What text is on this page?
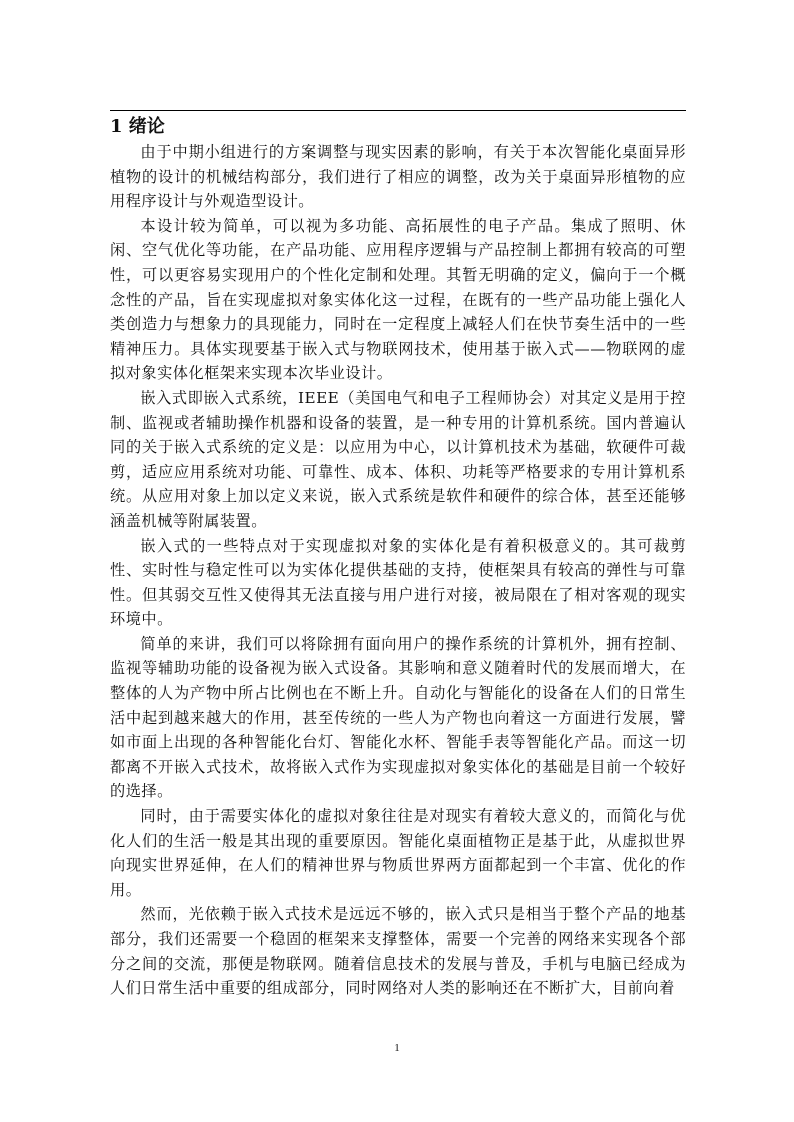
1 绪论

由于中期小组进行的方案调整与现实因素的影响，有关于本次智能化桌面异形植物的设计的机械结构部分，我们进行了相应的调整，改为关于桌面异形植物的应用程序设计与外观造型设计。

本设计较为简单，可以视为多功能、高拓展性的电子产品。集成了照明、休闲、空气优化等功能，在产品功能、应用程序逻辑与产品控制上都拥有较高的可塑性，可以更容易实现用户的个性化定制和处理。其暂无明确的定义，偏向于一个概念性的产品，旨在实现虚拟对象实体化这一过程，在既有的一些产品功能上强化人类创造力与想象力的具现能力，同时在一定程度上减轻人们在快节奏生活中的一些精神压力。具体实现要基于嵌入式与物联网技术，使用基于嵌入式——物联网的虚拟对象实体化框架来实现本次毕业设计。

嵌入式即嵌入式系统，IEEE（美国电气和电子工程师协会）对其定义是用于控制、监视或者辅助操作机器和设备的装置，是一种专用的计算机系统。国内普遍认同的关于嵌入式系统的定义是：以应用为中心，以计算机技术为基础，软硬件可裁剪，适应应用系统对功能、可靠性、成本、体积、功耗等严格要求的专用计算机系统。从应用对象上加以定义来说，嵌入式系统是软件和硬件的综合体，甚至还能够涵盖机械等附属装置。

嵌入式的一些特点对于实现虚拟对象的实体化是有着积极意义的。其可裁剪性、实时性与稳定性可以为实体化提供基础的支持，使框架具有较高的弹性与可靠性。但其弱交互性又使得其无法直接与用户进行对接，被局限在了相对客观的现实环境中。

简单的来讲，我们可以将除拥有面向用户的操作系统的计算机外，拥有控制、监视等辅助功能的设备视为嵌入式设备。其影响和意义随着时代的发展而增大，在整体的人为产物中所占比例也在不断上升。自动化与智能化的设备在人们的日常生活中起到越来越大的作用，甚至传统的一些人为产物也向着这一方面进行发展，譬如市面上出现的各种智能化台灯、智能化水杯、智能手表等智能化产品。而这一切都离不开嵌入式技术，故将嵌入式作为实现虚拟对象实体化的基础是目前一个较好的选择。

同时，由于需要实体化的虚拟对象往往是对现实有着较大意义的，而简化与优化人们的生活一般是其出现的重要原因。智能化桌面植物正是基于此，从虚拟世界向现实世界延伸，在人们的精神世界与物质世界两方面都起到一个丰富、优化的作用。

然而，光依赖于嵌入式技术是远远不够的，嵌入式只是相当于整个产品的地基部分，我们还需要一个稳固的框架来支撑整体，需要一个完善的网络来实现各个部分之间的交流，那便是物联网。随着信息技术的发展与普及，手机与电脑已经成为人们日常生活中重要的组成部分，同时网络对人类的影响还在不断扩大，目前向着

1
